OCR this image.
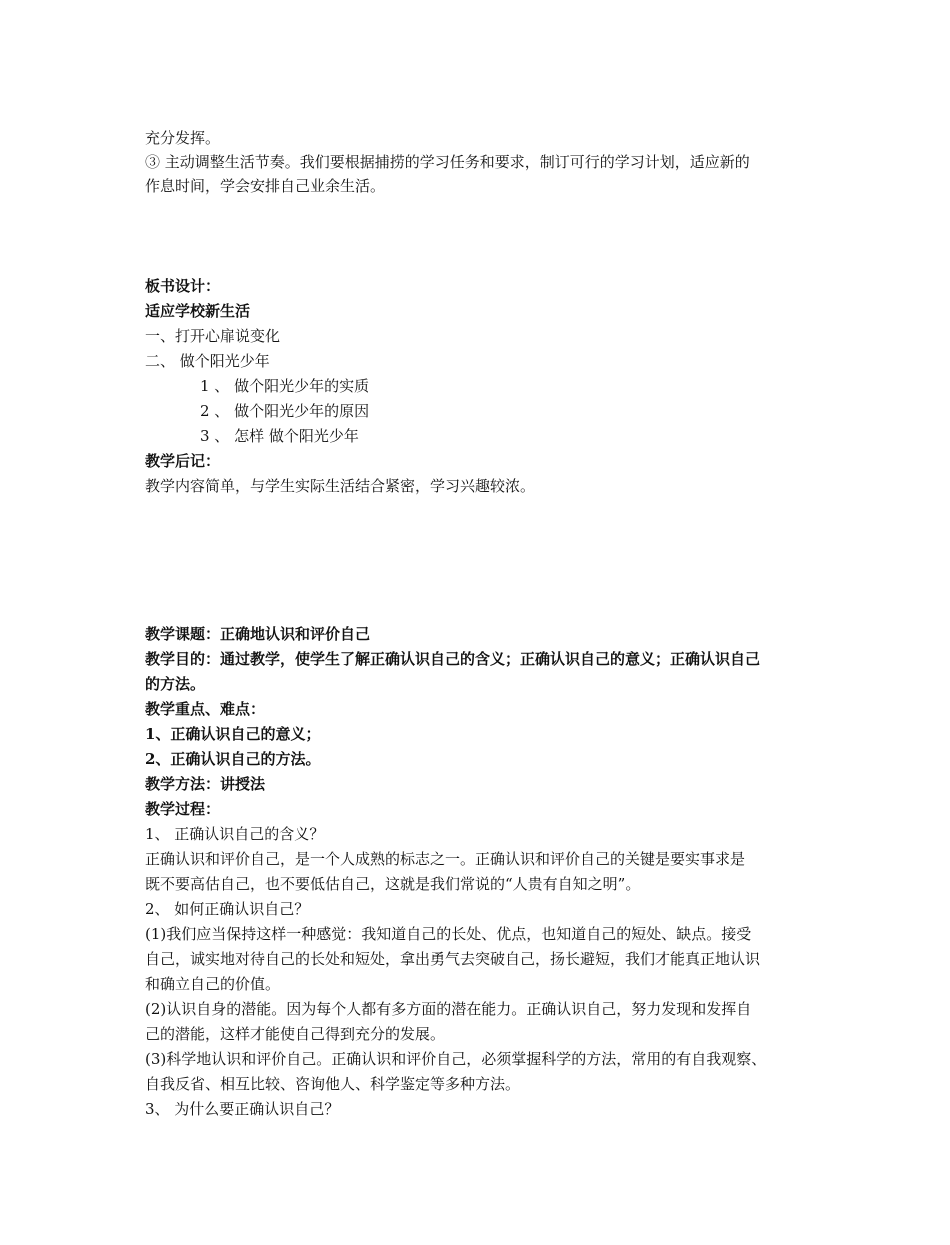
充分发挥。

③ 主动调整生活节奏。我们要根据捕捞的学习任务和要求，制订可行的学习计划，适应新的

作息时间，学会安排自己业余生活。

板书设计：

适应学校新生活

一、打开心扉说变化

二、 做个阳光少年

1 、 做个阳光少年的实质

2 、 做个阳光少年的原因

3 、 怎样 做个阳光少年

教学后记：

教学内容简单，与学生实际生活结合紧密，学习兴趣较浓。

教学课题：正确地认识和评价自己

教学目的：通过教学，使学生了解正确认识自己的含义；正确认识自己的意义；正确认识自己

的方法。

教学重点、难点：

1、正确认识自己的意义；

2、正确认识自己的方法。

教学方法：讲授法

教学过程：

1、 正确认识自己的含义？

正确认识和评价自己，是一个人成熟的标志之一。正确认识和评价自己的关键是要实事求是

既不要高估自己，也不要低估自己，这就是我们常说的“人贵有自知之明”。

2、 如何正确认识自己？

(1)我们应当保持这样一种感觉：我知道自己的长处、优点，也知道自己的短处、缺点。接受

自己，诚实地对待自己的长处和短处，拿出勇气去突破自己，扬长避短，我们才能真正地认识

和确立自己的价值。

(2)认识自身的潜能。因为每个人都有多方面的潜在能力。正确认识自己，努力发现和发挥自

己的潜能，这样才能使自己得到充分的发展。

(3)科学地认识和评价自己。正确认识和评价自己，必须掌握科学的方法，常用的有自我观察、

自我反省、相互比较、咨询他人、科学鉴定等多种方法。

3、 为什么要正确认识自己？
